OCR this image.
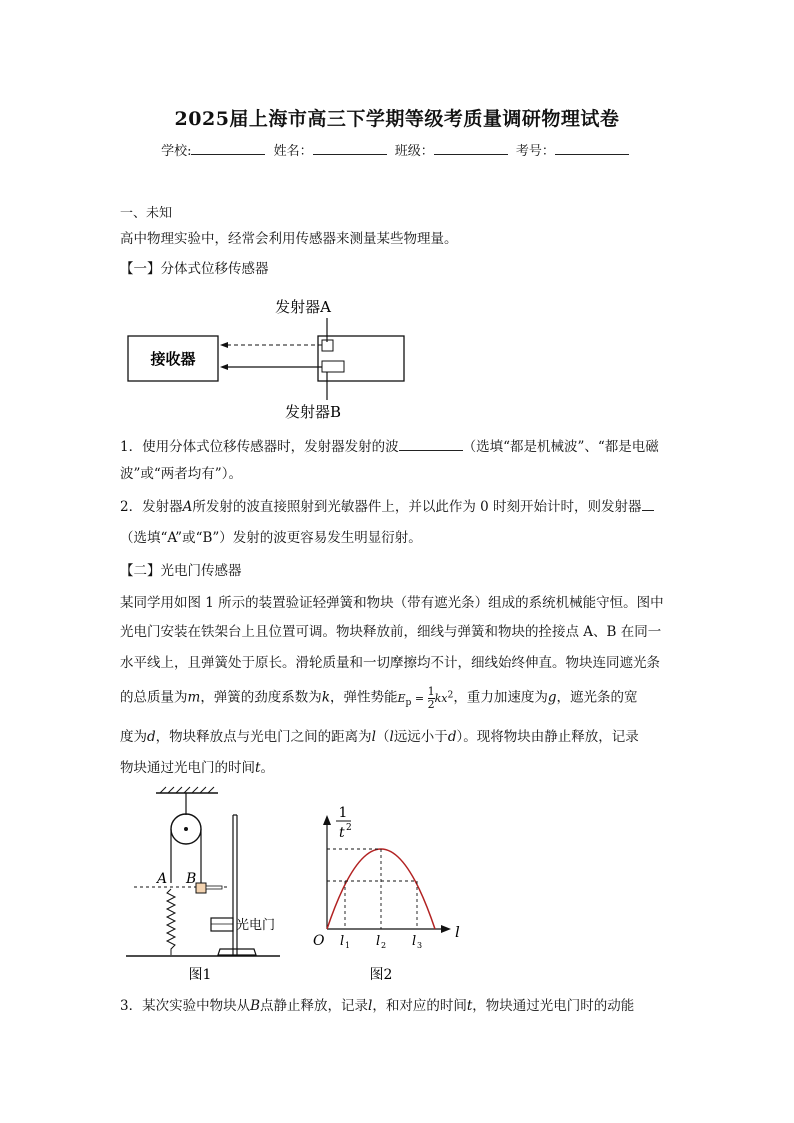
2025届上海市高三下学期等级考质量调研物理试卷
学校:	姓名：	班级：	考号：
一、未知
高中物理实验中，经常会利用传感器来测量某些物理量。
【一】分体式位移传感器
发射器A
接收器
发射器B
1．使用分体式位移传感器时，发射器发射的波	（选填“都是机械波”、“都是电磁
波”或“两者均有”）。
2．发射器A所发射的波直接照射到光敏器件上，并以此作为 0 时刻开始计时，则发射器
（选填“A”或“B”）发射的波更容易发生明显衍射。
【二】光电门传感器
某同学用如图 1 所示的装置验证轻弹簧和物块（带有遮光条）组成的系统机械能守恒。图中
光电门安装在铁架台上且位置可调。物块释放前，细线与弹簧和物块的拴接点 A、B 在同一
水平线上，且弹簧处于原长。滑轮质量和一切摩擦均不计，细线始终伸直。物块连同遮光条
的总质量为m，弹簧的劲度系数为k，弹性势能$E_p = \frac{1}{2} kx^2$，重力加速度为g，遮光条的宽
度为d，物块释放点与光电门之间的距离为l（l远远小于d）。现将物块由静止释放，记录
物块通过光电门的时间t。
A B
光电门
图1
1
t 2
O	l
l 1 l 2 l 3
图2
3．某次实验中物块从B点静止释放，记录l，和对应的时间t，物块通过光电门时的动能
